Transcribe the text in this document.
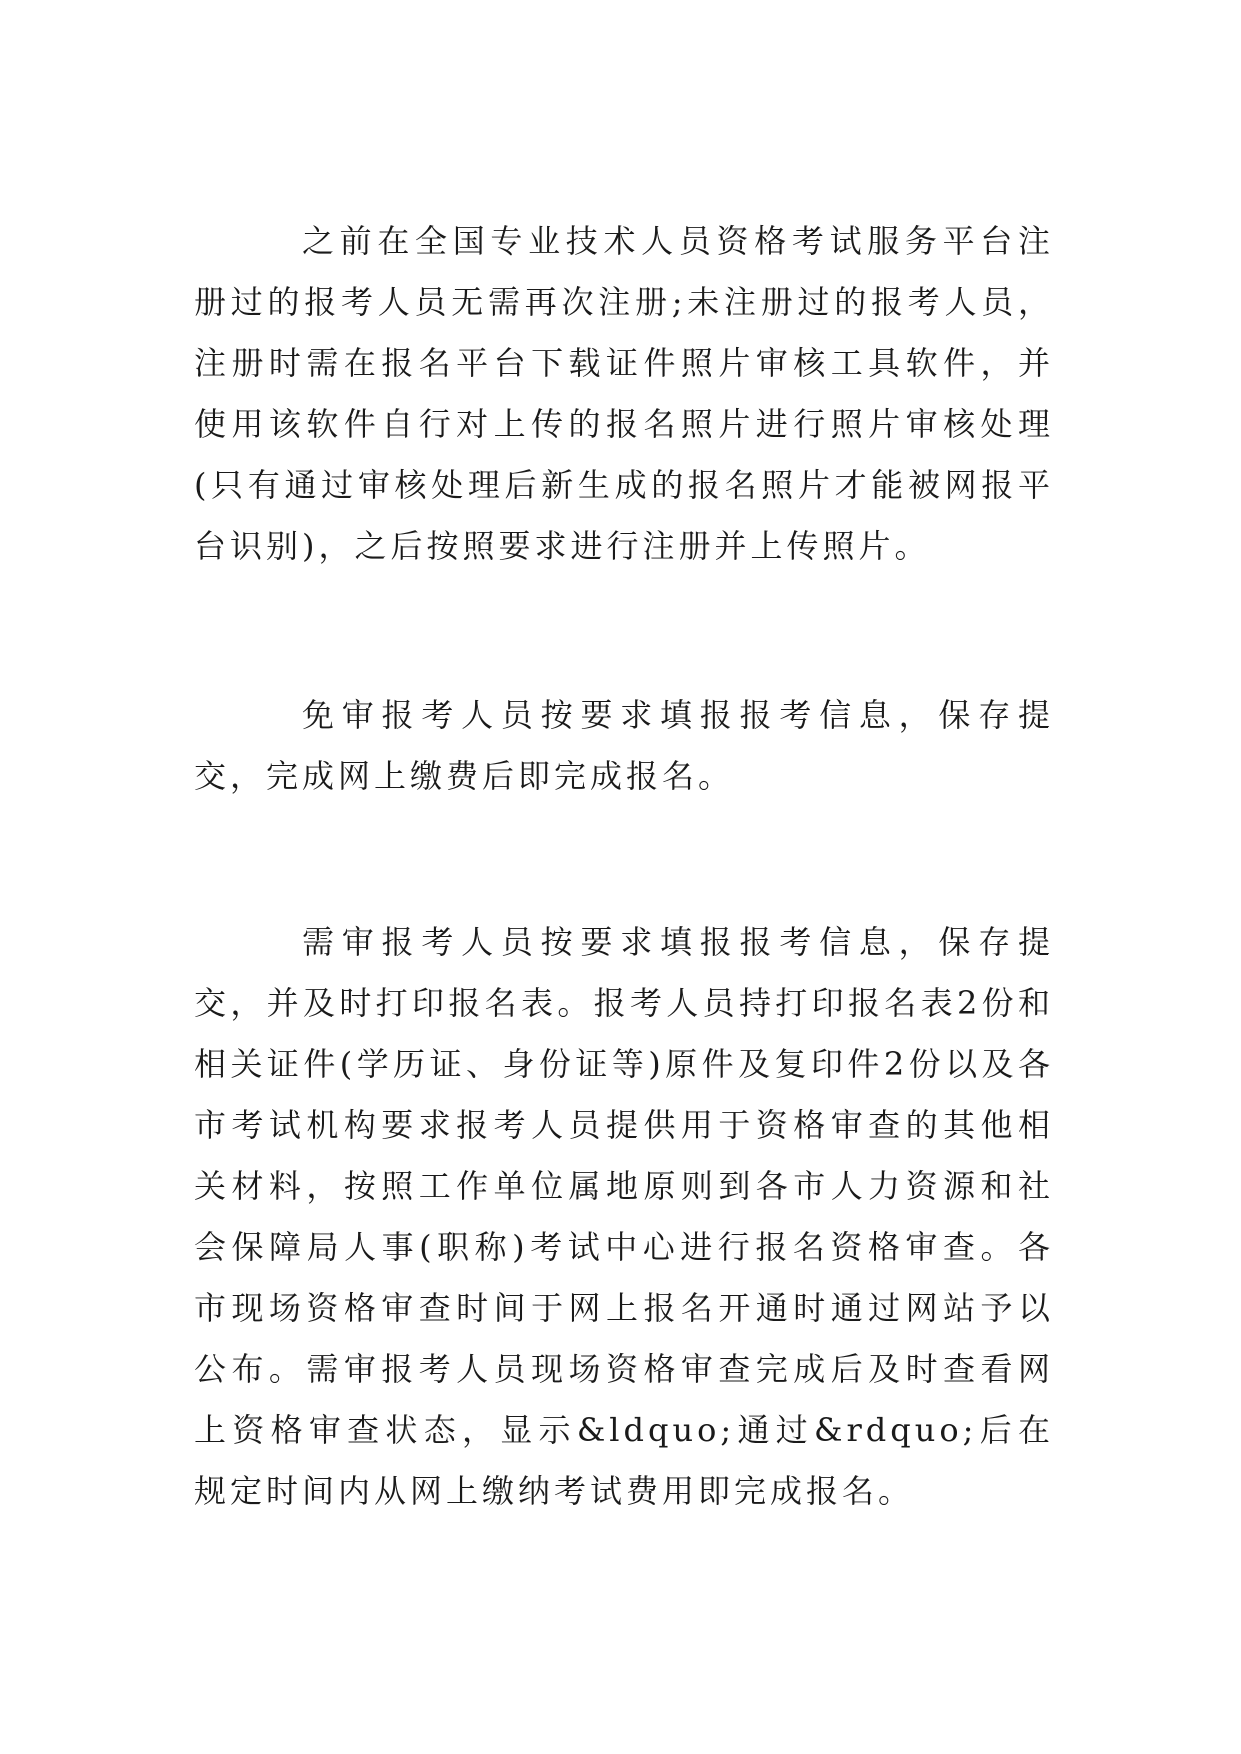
之前在全国专业技术人员资格考试服务平台注册过的报考人员无需再次注册;未注册过的报考人员，注册时需在报名平台下载证件照片审核工具软件，并使用该软件自行对上传的报名照片进行照片审核处理(只有通过审核处理后新生成的报名照片才能被网报平台识别)，之后按照要求进行注册并上传照片。

免审报考人员按要求填报报考信息，保存提交，完成网上缴费后即完成报名。

需审报考人员按要求填报报考信息，保存提交，并及时打印报名表。报考人员持打印报名表2份和相关证件(学历证、身份证等)原件及复印件2份以及各市考试机构要求报考人员提供用于资格审查的其他相关材料，按照工作单位属地原则到各市人力资源和社会保障局人事(职称)考试中心进行报名资格审查。各市现场资格审查时间于网上报名开通时通过网站予以公布。需审报考人员现场资格审查完成后及时查看网上资格审查状态，显示&ldquo;通过&rdquo;后在规定时间内从网上缴纳考试费用即完成报名。
